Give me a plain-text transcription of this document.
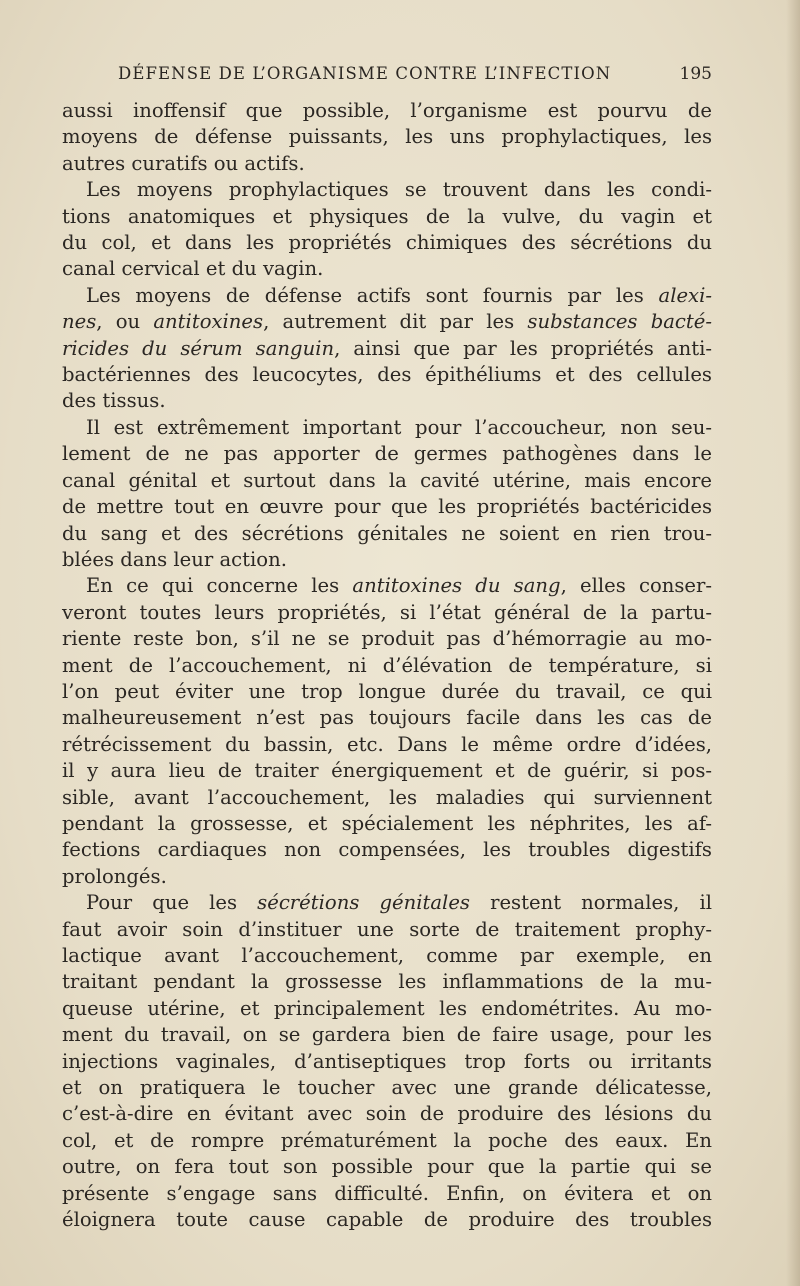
DÉFENSE DE L’ORGANISME CONTRE L’INFECTION	195

aussi inoffensif que possible, l’organisme est pourvu de
moyens de défense puissants, les uns prophylactiques, les
autres curatifs ou actifs.

Les moyens prophylactiques se trouvent dans les condi-
tions anatomiques et physiques de la vulve, du vagin et
du col, et dans les propriétés chimiques des sécrétions du
canal cervical et du vagin.

Les moyens de défense actifs sont fournis par les alexi-
nes, ou antitoxines, autrement dit par les substances bacté-
ricides du sérum sanguin, ainsi que par les propriétés anti-
bactériennes des leucocytes, des épithéliums et des cellules
des tissus.

Il est extrêmement important pour l’accoucheur, non seu-
lement de ne pas apporter de germes pathogènes dans le
canal génital et surtout dans la cavité utérine, mais encore
de mettre tout en œuvre pour que les propriétés bactéricides
du sang et des sécrétions génitales ne soient en rien trou-
blées dans leur action.

En ce qui concerne les antitoxines du sang, elles conser-
veront toutes leurs propriétés, si l’état général de la partu-
riente reste bon, s’il ne se produit pas d’hémorragie au mo-
ment de l’accouchement, ni d’élévation de température, si
l’on peut éviter une trop longue durée du travail, ce qui
malheureusement n’est pas toujours facile dans les cas de
rétrécissement du bassin, etc. Dans le même ordre d’idées,
il y aura lieu de traiter énergiquement et de guérir, si pos-
sible, avant l’accouchement, les maladies qui surviennent
pendant la grossesse, et spécialement les néphrites, les af-
fections cardiaques non compensées, les troubles digestifs
prolongés.

Pour que les sécrétions génitales restent normales, il
faut avoir soin d’instituer une sorte de traitement prophy-
lactique avant l’accouchement, comme par exemple, en
traitant pendant la grossesse les inflammations de la mu-
queuse utérine, et principalement les endométrites. Au mo-
ment du travail, on se gardera bien de faire usage, pour les
injections vaginales, d’antiseptiques trop forts ou irritants
et on pratiquera le toucher avec une grande délicatesse,
c’est-à-dire en évitant avec soin de produire des lésions du
col, et de rompre prématurément la poche des eaux. En
outre, on fera tout son possible pour que la partie qui se
présente s’engage sans difficulté. Enfin, on évitera et on
éloignera toute cause capable de produire des troubles
